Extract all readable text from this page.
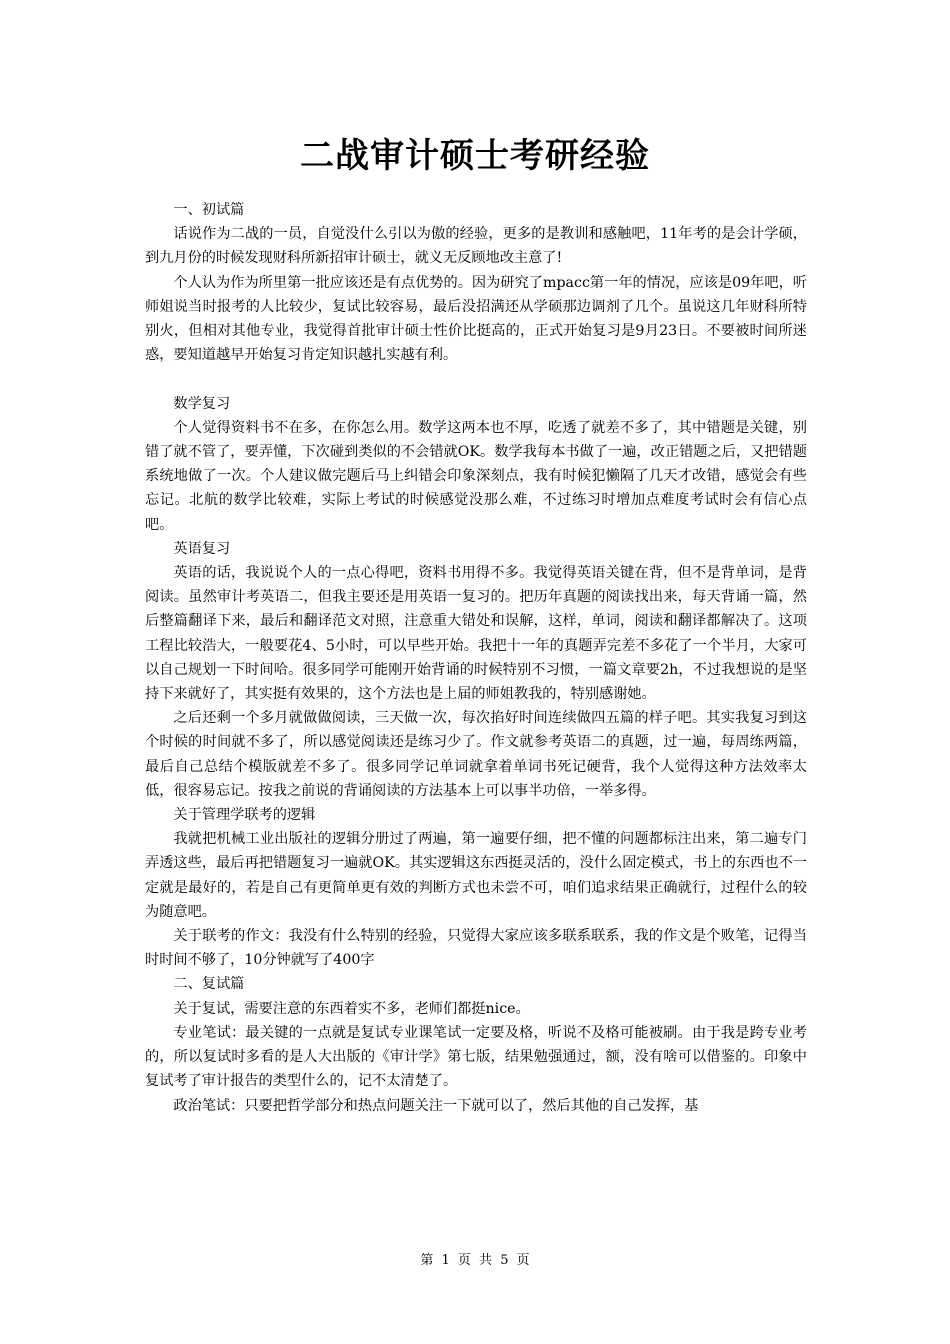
二战审计硕士考研经验

一、初试篇

话说作为二战的一员，自觉没什么引以为傲的经验，更多的是教训和感触吧，11年考的是会计学硕，到九月份的时候发现财科所新招审计硕士，就义无反顾地改主意了!

个人认为作为所里第一批应该还是有点优势的。因为研究了mpacc第一年的情况，应该是09年吧，听师姐说当时报考的人比较少，复试比较容易，最后没招满还从学硕那边调剂了几个。虽说这几年财科所特别火，但相对其他专业，我觉得首批审计硕士性价比挺高的，正式开始复习是9月23日。不要被时间所迷惑，要知道越早开始复习肯定知识越扎实越有利。

数学复习

个人觉得资料书不在多，在你怎么用。数学这两本也不厚，吃透了就差不多了，其中错题是关键，别错了就不管了，要弄懂，下次碰到类似的不会错就OK。数学我每本书做了一遍，改正错题之后，又把错题系统地做了一次。个人建议做完题后马上纠错会印象深刻点，我有时候犯懒隔了几天才改错，感觉会有些忘记。北航的数学比较难，实际上考试的时候感觉没那么难，不过练习时增加点难度考试时会有信心点吧。

英语复习

英语的话，我说说个人的一点心得吧，资料书用得不多。我觉得英语关键在背，但不是背单词，是背阅读。虽然审计考英语二，但我主要还是用英语一复习的。把历年真题的阅读找出来，每天背诵一篇，然后整篇翻译下来，最后和翻译范文对照，注意重大错处和误解，这样，单词，阅读和翻译都解决了。这项工程比较浩大，一般要花4、5小时，可以早些开始。我把十一年的真题弄完差不多花了一个半月，大家可以自己规划一下时间哈。很多同学可能刚开始背诵的时候特别不习惯，一篇文章要2h，不过我想说的是坚持下来就好了，其实挺有效果的，这个方法也是上届的师姐教我的，特别感谢她。

之后还剩一个多月就做做阅读，三天做一次，每次掐好时间连续做四五篇的样子吧。其实我复习到这个时候的时间就不多了，所以感觉阅读还是练习少了。作文就参考英语二的真题，过一遍，每周练两篇，最后自己总结个模版就差不多了。很多同学记单词就拿着单词书死记硬背，我个人觉得这种方法效率太低，很容易忘记。按我之前说的背诵阅读的方法基本上可以事半功倍，一举多得。

关于管理学联考的逻辑

我就把机械工业出版社的逻辑分册过了两遍，第一遍要仔细，把不懂的问题都标注出来，第二遍专门弄透这些，最后再把错题复习一遍就OK。其实逻辑这东西挺灵活的，没什么固定模式，书上的东西也不一定就是最好的，若是自己有更简单更有效的判断方式也未尝不可，咱们追求结果正确就行，过程什么的较为随意吧。

关于联考的作文：我没有什么特别的经验，只觉得大家应该多联系联系，我的作文是个败笔，记得当时时间不够了，10分钟就写了400字

二、复试篇

关于复试，需要注意的东西着实不多，老师们都挺nice。

专业笔试：最关键的一点就是复试专业课笔试一定要及格，听说不及格可能被刷。由于我是跨专业考的，所以复试时多看的是人大出版的《审计学》第七版，结果勉强通过，额，没有啥可以借鉴的。印象中复试考了审计报告的类型什么的，记不太清楚了。

政治笔试：只要把哲学部分和热点问题关注一下就可以了，然后其他的自己发挥，基

第 1 页 共 5 页
